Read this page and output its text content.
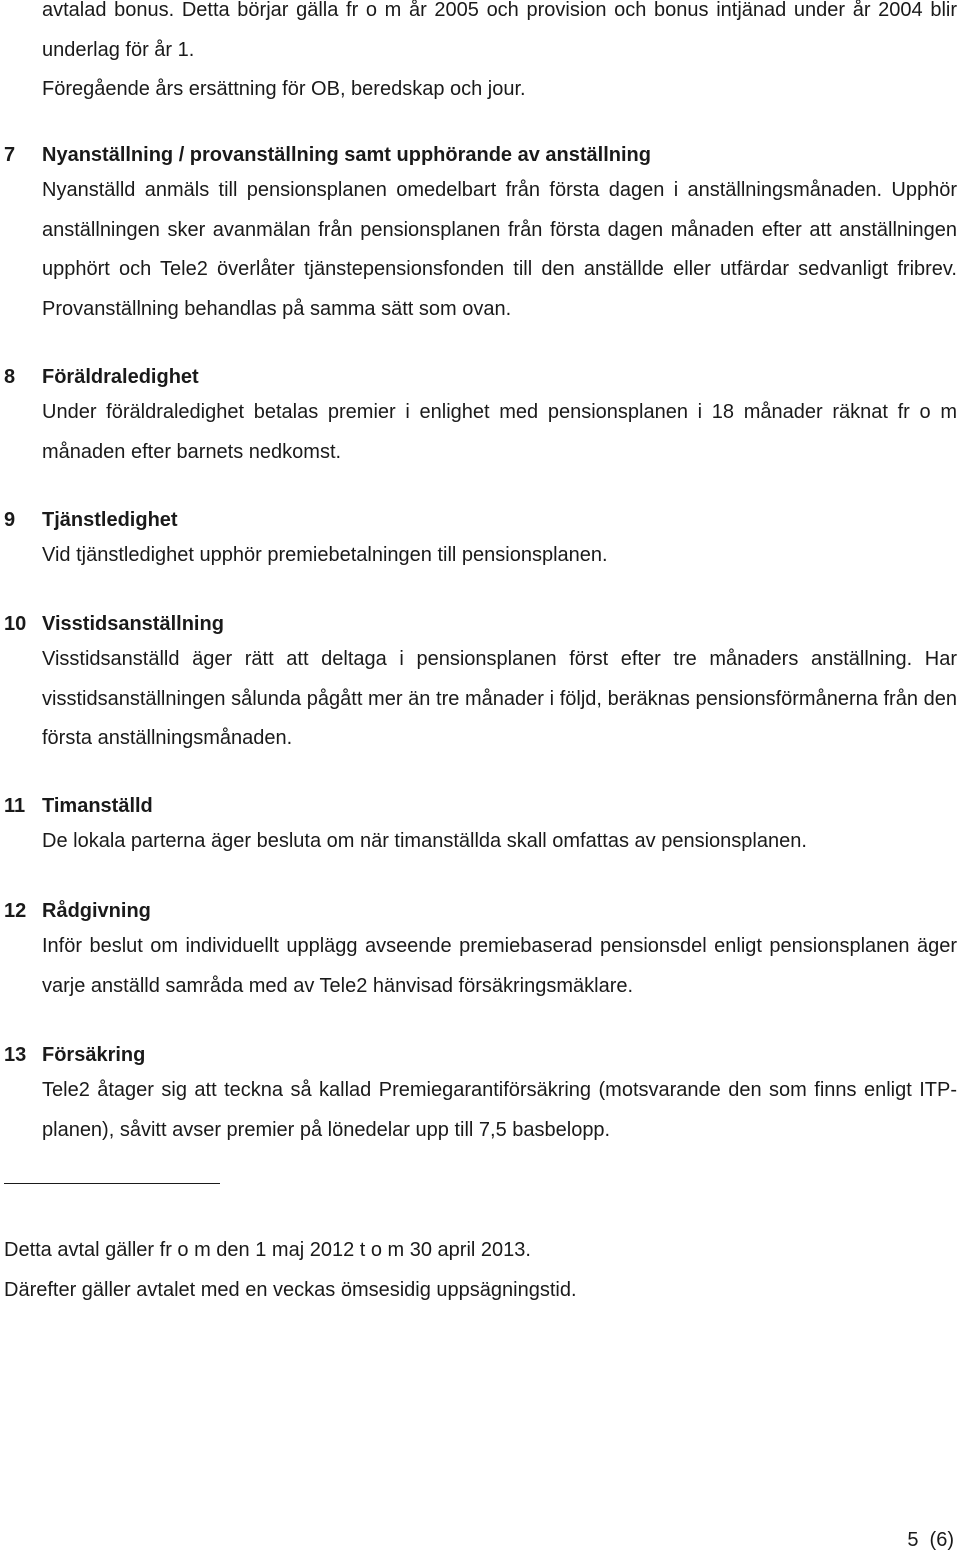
avtalad bonus. Detta börjar gälla fr o m år 2005 och provision och bonus intjänad under år 2004 blir underlag för år 1.
Föregående års ersättning för OB, beredskap och jour.

7 Nyanställning / provanställning samt upphörande av anställning

Nyanställd anmäls till pensionsplanen omedelbart från första dagen i anställningsmånaden. Upphör anställningen sker avanmälan från pensionsplanen från första dagen månaden efter att anställningen upphört och Tele2 överlåter tjänstepensionsfonden till den anställde eller utfärdar sedvanligt fribrev. Provanställning behandlas på samma sätt som ovan.

8 Föräldraledighet

Under föräldraledighet betalas premier i enlighet med pensionsplanen i 18 månader räknat fr o m månaden efter barnets nedkomst.

9 Tjänstledighet

Vid tjänstledighet upphör premiebetalningen till pensionsplanen.

10 Visstidsanställning

Visstidsanställd äger rätt att deltaga i pensionsplanen först efter tre månaders anställning. Har visstidsanställningen sålunda pågått mer än tre månader i följd, beräknas pensionsförmånerna från den första anställningsmånaden.

11 Timanställd

De lokala parterna äger besluta om när timanställda skall omfattas av pensionsplanen.

12 Rådgivning

Inför beslut om individuellt upplägg avseende premiebaserad pensionsdel enligt pensionsplanen äger varje anställd samråda med av Tele2 hänvisad försäkringsmäklare.

13 Försäkring

Tele2 åtager sig att teckna så kallad Premiegarantiförsäkring (motsvarande den som finns enligt ITP-planen), såvitt avser premier på lönedelar upp till 7,5 basbelopp.

Detta avtal gäller fr o m den 1 maj 2012 t o m 30 april 2013.
Därefter gäller avtalet med en veckas ömsesidig uppsägningstid.
5  (6)
